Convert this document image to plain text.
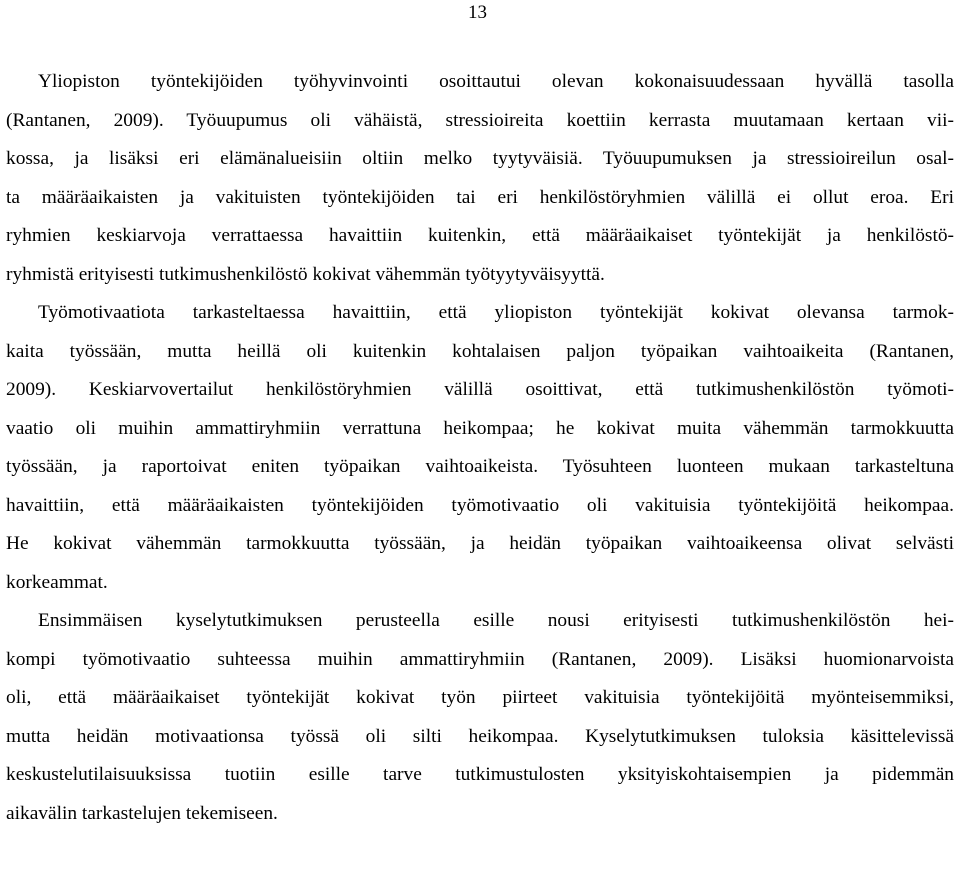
13
Yliopiston työntekijöiden työhyvinvointi osoittautui olevan kokonaisuudessaan hyvällä tasolla
(Rantanen, 2009). Työuupumus oli vähäistä, stressioireita koettiin kerrasta muutamaan kertaan vii-
kossa, ja lisäksi eri elämänalueisiin oltiin melko tyytyväisiä. Työuupumuksen ja stressioireilun osal-
ta määräaikaisten ja vakituisten työntekijöiden tai eri henkilöstöryhmien välillä ei ollut eroa. Eri
ryhmien keskiarvoja verrattaessa havaittiin kuitenkin, että määräaikaiset työntekijät ja henkilöstö-
ryhmistä erityisesti tutkimushenkilöstö kokivat vähemmän työtyytyväisyyttä.
Työmotivaatiota tarkasteltaessa havaittiin, että yliopiston työntekijät kokivat olevansa tarmok-
kaita työssään, mutta heillä oli kuitenkin kohtalaisen paljon työpaikan vaihtoaikeita (Rantanen,
2009). Keskiarvovertailut henkilöstöryhmien välillä osoittivat, että tutkimushenkilöstön työmoti-
vaatio oli muihin ammattiryhmiin verrattuna heikompaa; he kokivat muita vähemmän tarmokkuutta
työssään, ja raportoivat eniten työpaikan vaihtoaikeista. Työsuhteen luonteen mukaan tarkasteltuna
havaittiin, että määräaikaisten työntekijöiden työmotivaatio oli vakituisia työntekijöitä heikompaa.
He kokivat vähemmän tarmokkuutta työssään, ja heidän työpaikan vaihtoaikeensa olivat selvästi
korkeammat.
Ensimmäisen kyselytutkimuksen perusteella esille nousi erityisesti tutkimushenkilöstön hei-
kompi työmotivaatio suhteessa muihin ammattiryhmiin (Rantanen, 2009). Lisäksi huomionarvoista
oli, että määräaikaiset työntekijät kokivat työn piirteet vakituisia työntekijöitä myönteisemmiksi,
mutta heidän motivaationsa työssä oli silti heikompaa. Kyselytutkimuksen tuloksia käsittelevissä
keskustelutilaisuuksissa tuotiin esille tarve tutkimustulosten yksityiskohtaisempien ja pidemmän
aikavälin tarkastelujen tekemiseen.
